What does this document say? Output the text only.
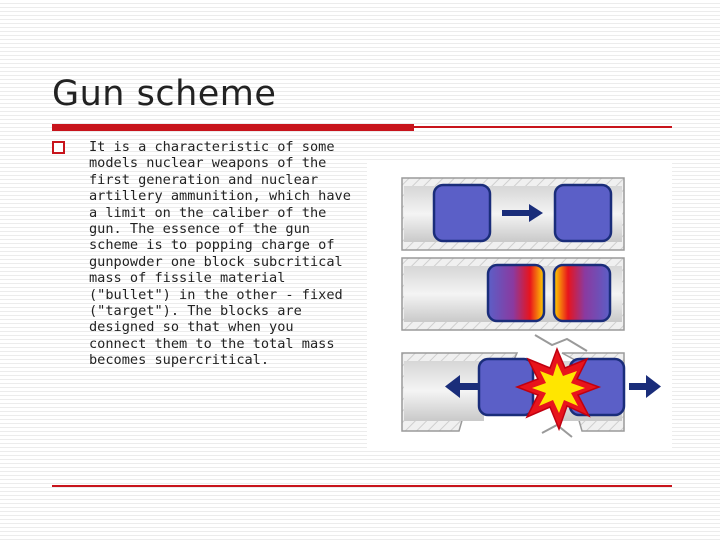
Gun scheme

It is a characteristic of some models nuclear weapons of the first generation and nuclear artillery ammunition, which have a limit on the caliber of the gun. The essence of the gun scheme is to popping charge of gunpowder one block subcritical mass of fissile material ("bullet") in the other - fixed ("target"). The blocks are designed so that when you connect them to the total mass becomes supercritical.
